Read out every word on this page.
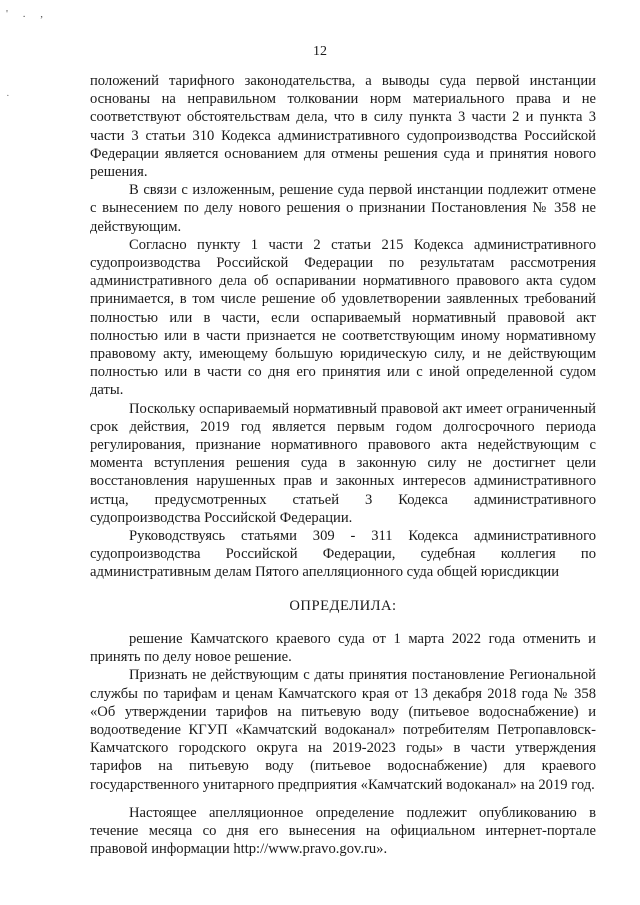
' . ,
·
12

положений тарифного законодательства, а выводы суда первой инстанции основаны на неправильном толковании норм материального права и не соответствуют обстоятельствам дела, что в силу пункта 3 части 2 и пункта 3 части 3 статьи 310 Кодекса административного судопроизводства Российской Федерации является основанием для отмены решения суда и принятия нового решения.

В связи с изложенным, решение суда первой инстанции подлежит отмене с вынесением по делу нового решения о признании Постановления № 358 не действующим.

Согласно пункту 1 части 2 статьи 215 Кодекса административного судопроизводства Российской Федерации по результатам рассмотрения административного дела об оспаривании нормативного правового акта судом принимается, в том числе решение об удовлетворении заявленных требований полностью или в части, если оспариваемый нормативный правовой акт полностью или в части признается не соответствующим иному нормативному правовому акту, имеющему большую юридическую силу, и не действующим полностью или в части со дня его принятия или с иной определенной судом даты.

Поскольку оспариваемый нормативный правовой акт имеет ограниченный срок действия, 2019 год является первым годом долгосрочного периода регулирования, признание нормативного правового акта недействующим с момента вступления решения суда в законную силу не достигнет цели восстановления нарушенных прав и законных интересов административного истца, предусмотренных статьей 3 Кодекса административного судопроизводства Российской Федерации.

Руководствуясь статьями 309 - 311 Кодекса административного судопроизводства Российской Федерации, судебная коллегия по административным делам Пятого апелляционного суда общей юрисдикции

ОПРЕДЕЛИЛА:

решение Камчатского краевого суда от 1 марта 2022 года отменить и принять по делу новое решение.

Признать не действующим с даты принятия постановление Региональной службы по тарифам и ценам Камчатского края от 13 декабря 2018 года № 358 «Об утверждении тарифов на питьевую воду (питьевое водоснабжение) и водоотведение КГУП «Камчатский водоканал» потребителям Петропавловск-Камчатского городского округа на 2019-2023 годы» в части утверждения тарифов на питьевую воду (питьевое водоснабжение) для краевого государственного унитарного предприятия «Камчатский водоканал» на 2019 год.

Настоящее апелляционное определение подлежит опубликованию в течение месяца со дня его вынесения на официальном интернет-портале правовой информации http://www.pravo.gov.ru».
